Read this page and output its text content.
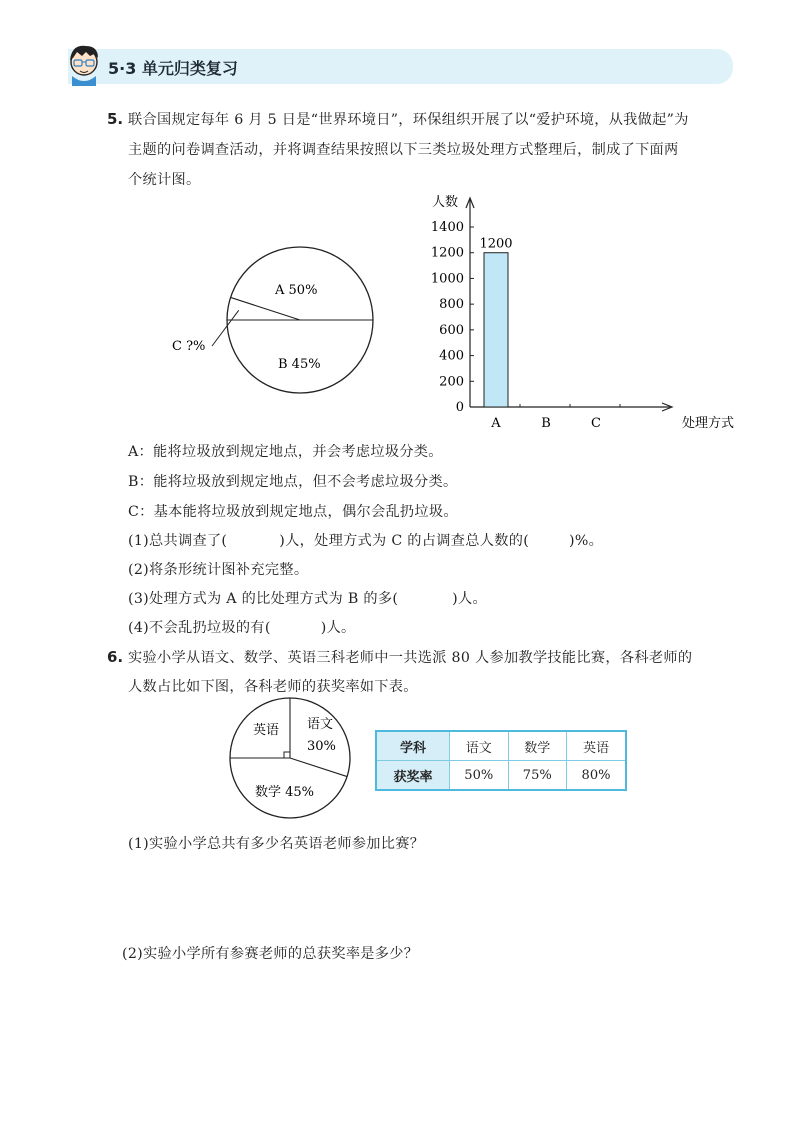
5·3 单元归类复习
5. 联合国规定每年 6 月 5 日是“世界环境日”，环保组织开展了以“爱护环境，从我做起”为
主题的问卷调查活动，并将调查结果按照以下三类垃圾处理方式整理后，制成了下面两
个统计图。
A 50%
B 45%
C ?%
0
200
400
600
800
1000
1200
1400
人数
处理方式
A
1200
B	C
A：能将垃圾放到规定地点，并会考虑垃圾分类。
B：能将垃圾放到规定地点，但不会考虑垃圾分类。
C：基本能将垃圾放到规定地点，偶尔会乱扔垃圾。
(1)总共调查了(	)人，处理方式为 C 的占调查总人数的(	)%。
(2)将条形统计图补充完整。
(3)处理方式为 A 的比处理方式为 B 的多(	)人。
(4)不会乱扔垃圾的有(	)人。
6. 实验小学从语文、数学、英语三科老师中一共选派 80 人参加教学技能比赛，各科老师的
人数占比如下图，各科老师的获奖率如下表。
英语 语文
30%
数学 45%
学科	语文	数学	英语
获奖率	50%	75%	80%
(1)实验小学总共有多少名英语老师参加比赛？
(2)实验小学所有参赛老师的总获奖率是多少？
